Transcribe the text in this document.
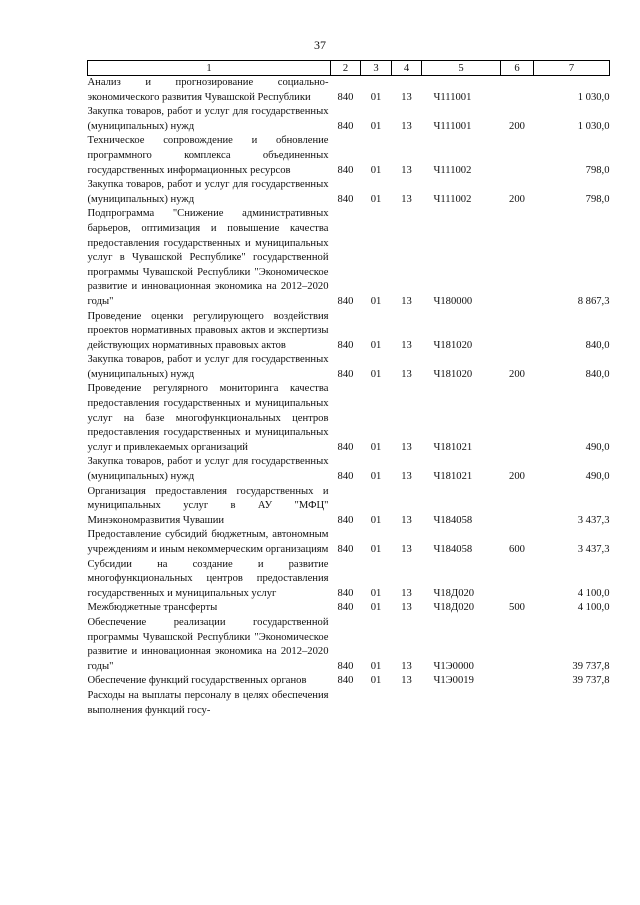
37
1	2	3	4	5	6	7
Анализ и прогнозирование социально-экономического развития Чувашской Республики	840	01	13	Ч111001		1 030,0
Закупка товаров, работ и услуг для государственных (муниципальных) нужд	840	01	13	Ч111001	200	1 030,0
Техническое сопровождение и обновление программного комплекса объединенных государственных информационных ресурсов	840	01	13	Ч111002		798,0
Закупка товаров, работ и услуг для государственных (муниципальных) нужд	840	01	13	Ч111002	200	798,0
Подпрограмма "Снижение административных барьеров, оптимизация и повышение качества предоставления государственных и муниципальных услуг в Чувашской Республике" государственной программы Чувашской Республики "Экономическое развитие и инновационная экономика на 2012–2020 годы"	840	01	13	Ч180000		8 867,3
Проведение оценки регулирующего воздействия проектов нормативных правовых актов и экспертизы действующих нормативных правовых актов	840	01	13	Ч181020		840,0
Закупка товаров, работ и услуг для государственных (муниципальных) нужд	840	01	13	Ч181020	200	840,0
Проведение регулярного мониторинга качества предоставления государственных и муниципальных услуг на базе многофункциональных центров предоставления государственных и муниципальных услуг и привлекаемых организаций	840	01	13	Ч181021		490,0
Закупка товаров, работ и услуг для государственных (муниципальных) нужд	840	01	13	Ч181021	200	490,0
Организация предоставления государственных и муниципальных услуг в АУ "МФЦ" Минэкономразвития Чувашии	840	01	13	Ч184058		3 437,3
Предоставление субсидий бюджетным, автономным учреждениям и иным некоммерческим организациям	840	01	13	Ч184058	600	3 437,3
Субсидии на создание и развитие многофункциональных центров предоставления государственных и муниципальных услуг	840	01	13	Ч18Д020		4 100,0
Межбюджетные трансферты	840	01	13	Ч18Д020	500	4 100,0
Обеспечение реализации государственной программы Чувашской Республики "Экономическое развитие и инновационная экономика на 2012–2020 годы"	840	01	13	Ч1Э0000		39 737,8
Обеспечение функций государственных органов	840	01	13	Ч1Э0019		39 737,8
Расходы на выплаты персоналу в целях обеспечения выполнения функций госу-						
